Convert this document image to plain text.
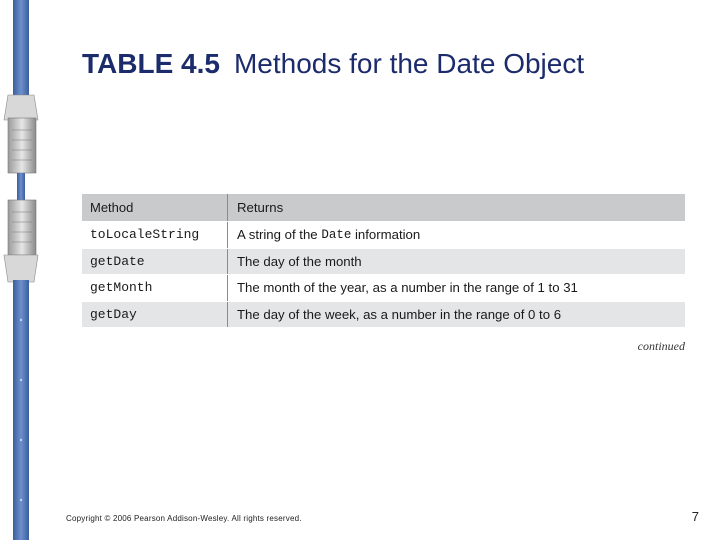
TABLE 4.5 Methods for the Date Object
Method	Returns
toLocaleString	A string of the Date information
getDate	The day of the month
getMonth	The month of the year, as a number in the range of 1 to 31
getDay	The day of the week, as a number in the range of 0 to 6
continued
Copyright © 2006 Pearson Addison-Wesley. All rights reserved.	7
